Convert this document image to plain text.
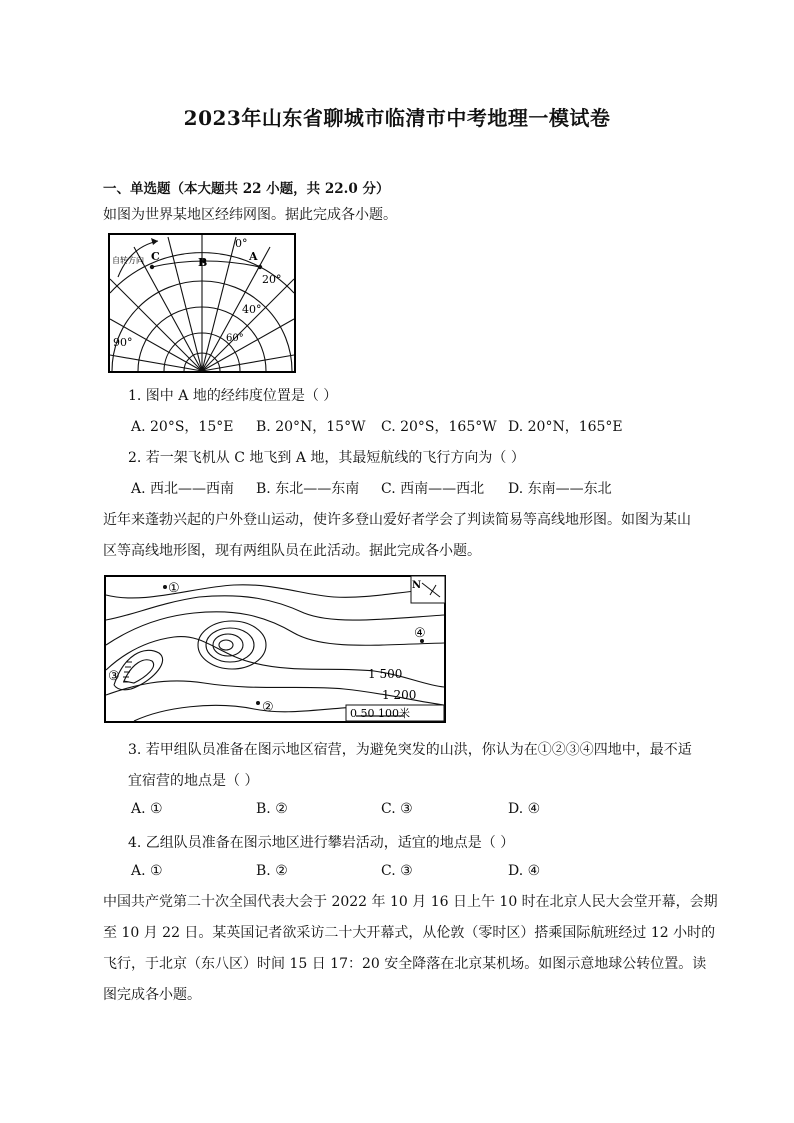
2023年山东省聊城市临清市中考地理一模试卷
一、单选题（本大题共 22 小题，共 22.0 分）
如图为世界某地区经纬网图。据此完成各小题。
自转方向 C	B	A
0°
20°
40°
60°
90°
1. 图中 A 地的经纬度位置是（ ）
A. 20°S，15°E B. 20°N，15°W C. 20°S，165°W D. 20°N，165°E
2. 若一架飞机从 C 地飞到 A 地，其最短航线的飞行方向为（ ）
A. 西北——西南 B. 东北——东南 C. 西南——西北 D. 东南——东北
近年来蓬勃兴起的户外登山运动，使许多登山爱好者学会了判读简易等高线地形图。如图为某山
区等高线地形图，现有两组队员在此活动。据此完成各小题。
N
①
②
③
④
1 500
1 200
0 50 100米
3. 若甲组队员准备在图示地区宿营，为避免突发的山洪，你认为在①②③④四地中，最不适
宜宿营的地点是（ ）
A. ①	B. ②	C. ③	D. ④
4. 乙组队员准备在图示地区进行攀岩活动，适宜的地点是（ ）
A. ①	B. ②	C. ③	D. ④
中国共产党第二十次全国代表大会于 2022 年 10 月 16 日上午 10 时在北京人民大会堂开幕，会期
至 10 月 22 日。某英国记者欲采访二十大开幕式，从伦敦（零时区）搭乘国际航班经过 12 小时的
飞行，于北京（东八区）时间 15 日 17：20 安全降落在北京某机场。如图示意地球公转位置。读
图完成各小题。
